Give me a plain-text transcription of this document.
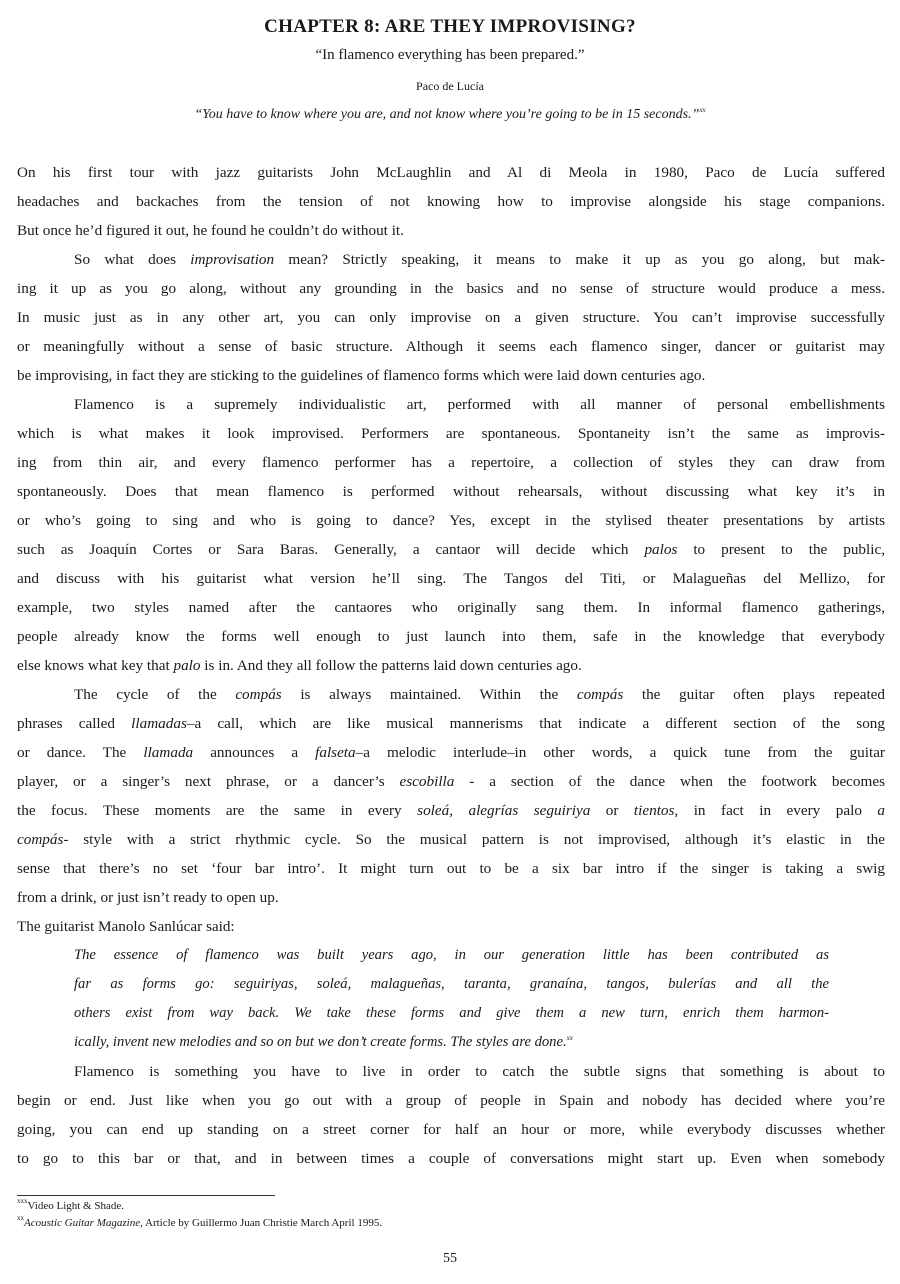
CHAPTER 8: ARE THEY IMPROVISING?
“In flamenco everything has been prepared.”
Paco de Lucía
“You have to know where you are, and not know where you’re going to be in 15 seconds.”$^{xx}$

On his first tour with jazz guitarists John McLaughlin and Al di Meola in 1980, Paco de Lucía suffered
headaches and backaches from the tension of not knowing how to improvise alongside his stage companions.
But once he’d figured it out, he found he couldn’t do without it.

So what does improvisation mean? Strictly speaking, it means to make it up as you go along, but mak-
ing it up as you go along, without any grounding in the basics and no sense of structure would produce a mess.
In music just as in any other art, you can only improvise on a given structure. You can’t improvise successfully
or meaningfully without a sense of basic structure. Although it seems each flamenco singer, dancer or guitarist may
be improvising, in fact they are sticking to the guidelines of flamenco forms which were laid down centuries ago.

Flamenco is a supremely individualistic art, performed with all manner of personal embellishments
which is what makes it look improvised. Performers are spontaneous. Spontaneity isn’t the same as improvis-
ing from thin air, and every flamenco performer has a repertoire, a collection of styles they can draw from
spontaneously. Does that mean flamenco is performed without rehearsals, without discussing what key it’s in
or who’s going to sing and who is going to dance? Yes, except in the stylised theater presentations by artists
such as Joaquín Cortes or Sara Baras. Generally, a cantaor will decide which palos to present to the public,
and discuss with his guitarist what version he’ll sing. The Tangos del Titi, or Malagueñas del Mellizo, for
example, two styles named after the cantaores who originally sang them. In informal flamenco gatherings,
people already know the forms well enough to just launch into them, safe in the knowledge that everybody
else knows what key that palo is in. And they all follow the patterns laid down centuries ago.

The cycle of the compás is always maintained. Within the compás the guitar often plays repeated
phrases called llamadas–a call, which are like musical mannerisms that indicate a different section of the song
or dance. The llamada announces a falseta–a melodic interlude–in other words, a quick tune from the guitar
player, or a singer’s next phrase, or a dancer’s escobilla - a section of the dance when the footwork becomes
the focus. These moments are the same in every soleá, alegrías seguiriya or tientos, in fact in every palo a
compás- style with a strict rhythmic cycle. So the musical pattern is not improvised, although it’s elastic in the
sense that there’s no set ‘four bar intro’. It might turn out to be a six bar intro if the singer is taking a swig
from a drink, or just isn’t ready to open up.

The guitarist Manolo Sanlúcar said:

The essence of flamenco was built years ago, in our generation little has been contributed as
far as forms go: seguiriyas, soleá, malagueñas, taranta, granaína, tangos, bulerías and all the
others exist from way back. We take these forms and give them a new turn, enrich them harmon-
ically, invent new melodies and so on but we don’t create forms. The styles are done.$^{xx}$

Flamenco is something you have to live in order to catch the subtle signs that something is about to
begin or end. Just like when you go out with a group of people in Spain and nobody has decided where you’re
going, you can end up standing on a street corner for half an hour or more, while everybody discusses whether
to go to this bar or that, and in between times a couple of conversations might start up. Even when somebody

$^{xxx}$Video Light & Shade.
$^{xx}$Acoustic Guitar Magazine, Article by Guillermo Juan Christie March April 1995.
55
